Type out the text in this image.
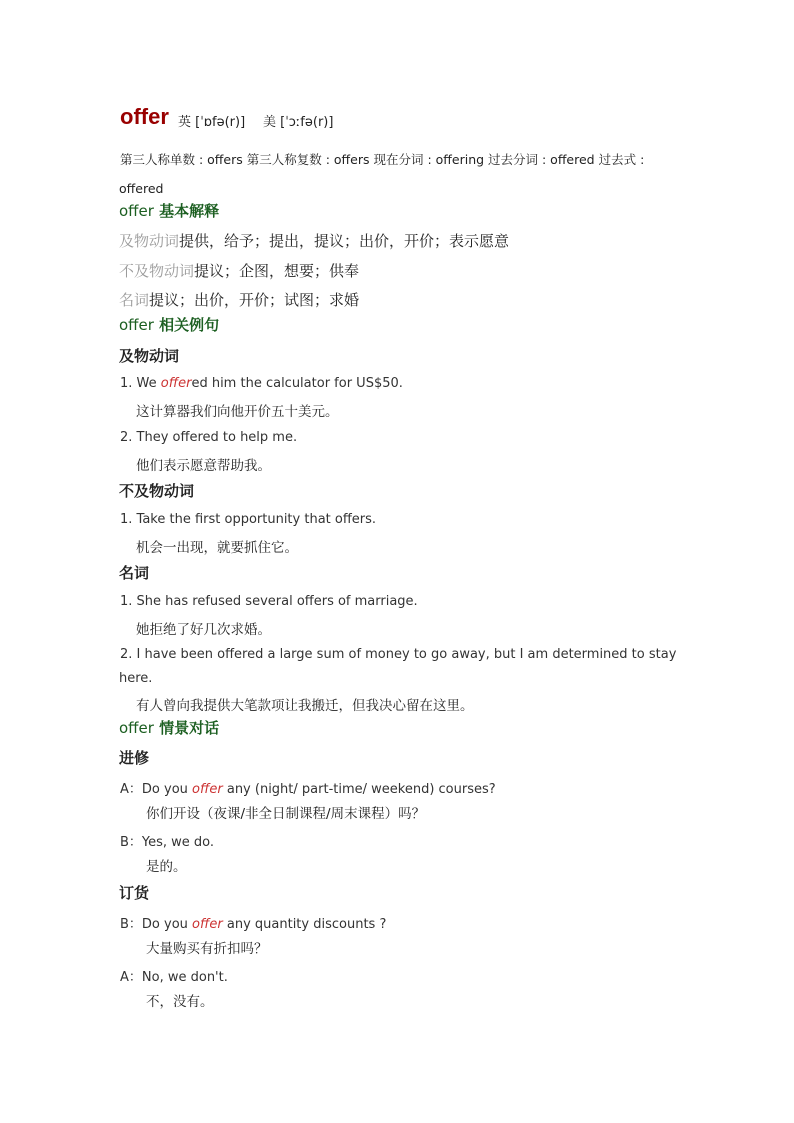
offer 英 [ˈɒfə(r)] 美 [ˈɔːfə(r)]
第三人称单数 : offers 第三人称复数 : offers 现在分词 : offering 过去分词 : offered 过去式 :
offered
offer 基本解释
及物动词提供，给予；提出，提议；出价，开价；表示愿意
不及物动词提议；企图，想要；供奉
名词提议；出价，开价；试图；求婚
offer 相关例句
及物动词
1. We offered him the calculator for US$50.
这计算器我们向他开价五十美元。
2. They offered to help me.
他们表示愿意帮助我。
不及物动词
1. Take the first opportunity that offers.
机会一出现，就要抓住它。
名词
1. She has refused several offers of marriage.
她拒绝了好几次求婚。
2. I have been offered a large sum of money to go away, but I am determined to stay
here.
有人曾向我提供大笔款项让我搬迁，但我决心留在这里。
offer 情景对话
进修
A：Do you offer any (night/ part-time/ weekend) courses?
你们开设（夜课/非全日制课程/周末课程）吗？
B：Yes, we do.
是的。
订货
B：Do you offer any quantity discounts ?
大量购买有折扣吗？
A：No, we don't.
不，没有。
